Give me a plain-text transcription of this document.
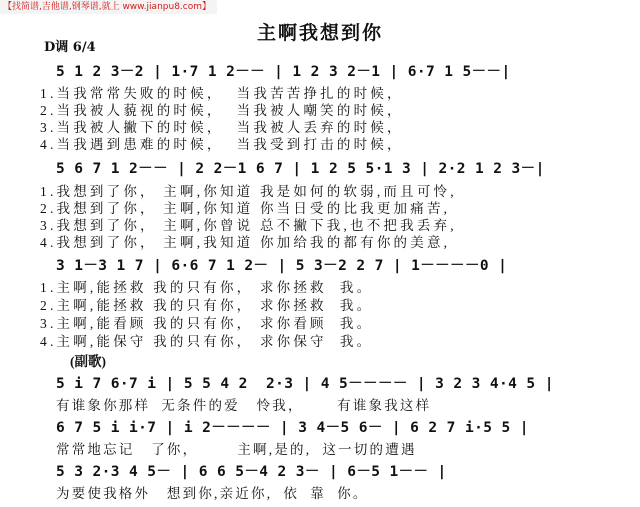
【找简谱,吉他谱,钢琴谱,就上 www.jianpu8.com】
主啊我想到你
D调 6/4
5 1 2 3－2 | 1·7 1 2－－ | 1 2 3 2－1 | 6·7 1 5－－|
1.当我常常失败的时候，  当我苦苦挣扎的时候，
2.当我被人藐视的时候，  当我被人嘲笑的时候，
3.当我被人撇下的时候，  当我被人丢弃的时候，
4.当我遇到患难的时候，  当我受到打击的时候，
5 6 7 1 2－－ | 2 2－1 6 7 | 1 2 5 5·1 3 | 2·2 1 2 3－|
1.我想到了你， 主啊,你知道 我是如何的软弱,而且可怜,
2.我想到了你， 主啊,你知道 你当日受的比我更加痛苦,
3.我想到了你， 主啊,你曾说 总不撇下我,也不把我丢弃,
4.我想到了你， 主啊,我知道 你加给我的都有你的美意,
3 1－3 1 7 | 6·6 7 1 2－ | 5 3－2 2 7 | 1－－－－0 |
1.主啊,能拯救 我的只有你， 求你拯救  我。
2.主啊,能拯救 我的只有你， 求你拯救  我。
3.主啊,能看顾 我的只有你， 求你看顾  我。
4.主啊,能保守 我的只有你， 求你保守  我。
(副歌)
5 i 7 6·7 i | 5 5 4 2  2·3 | 4 5－－－－ | 3 2 3 4·4 5 |
有谁象你那样  无条件的爱   怜我，      有谁象我这样
6 7 5 i i·7 | i 2－－－－ | 3 4－5 6－ | 6 2 7 i·5 5 |
常常地忘记   了你，       主啊,是的,  这一切的遭遇
5 3 2·3 4 5－ | 6 6 5－4 2 3－ | 6－5 1－－ |
为要使我格外   想到你,亲近你,  依  靠  你。
